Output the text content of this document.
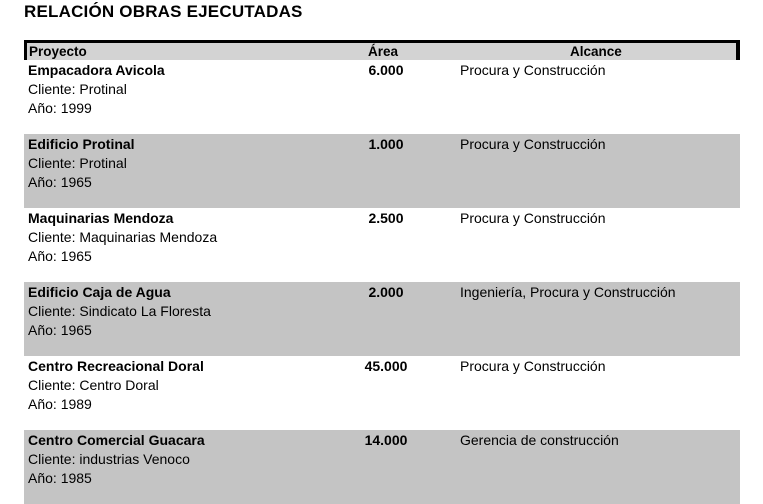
RELACIÓN OBRAS EJECUTADAS
Proyecto	Área	Alcance
Empacadora Avicola
Cliente: Protinal
Año: 1999
6.000	Procura y Construcción
Edificio Protinal
Cliente: Protinal
Año: 1965
1.000	Procura y Construcción
Maquinarias Mendoza
Cliente: Maquinarias Mendoza
Año: 1965
2.500	Procura y Construcción
Edificio Caja de Agua
Cliente: Sindicato La Floresta
Año: 1965
2.000	Ingeniería, Procura y Construcción
Centro Recreacional Doral
Cliente: Centro Doral
Año: 1989
45.000	Procura y Construcción
Centro Comercial Guacara
Cliente: industrias Venoco
Año: 1985
14.000	Gerencia de construcción
